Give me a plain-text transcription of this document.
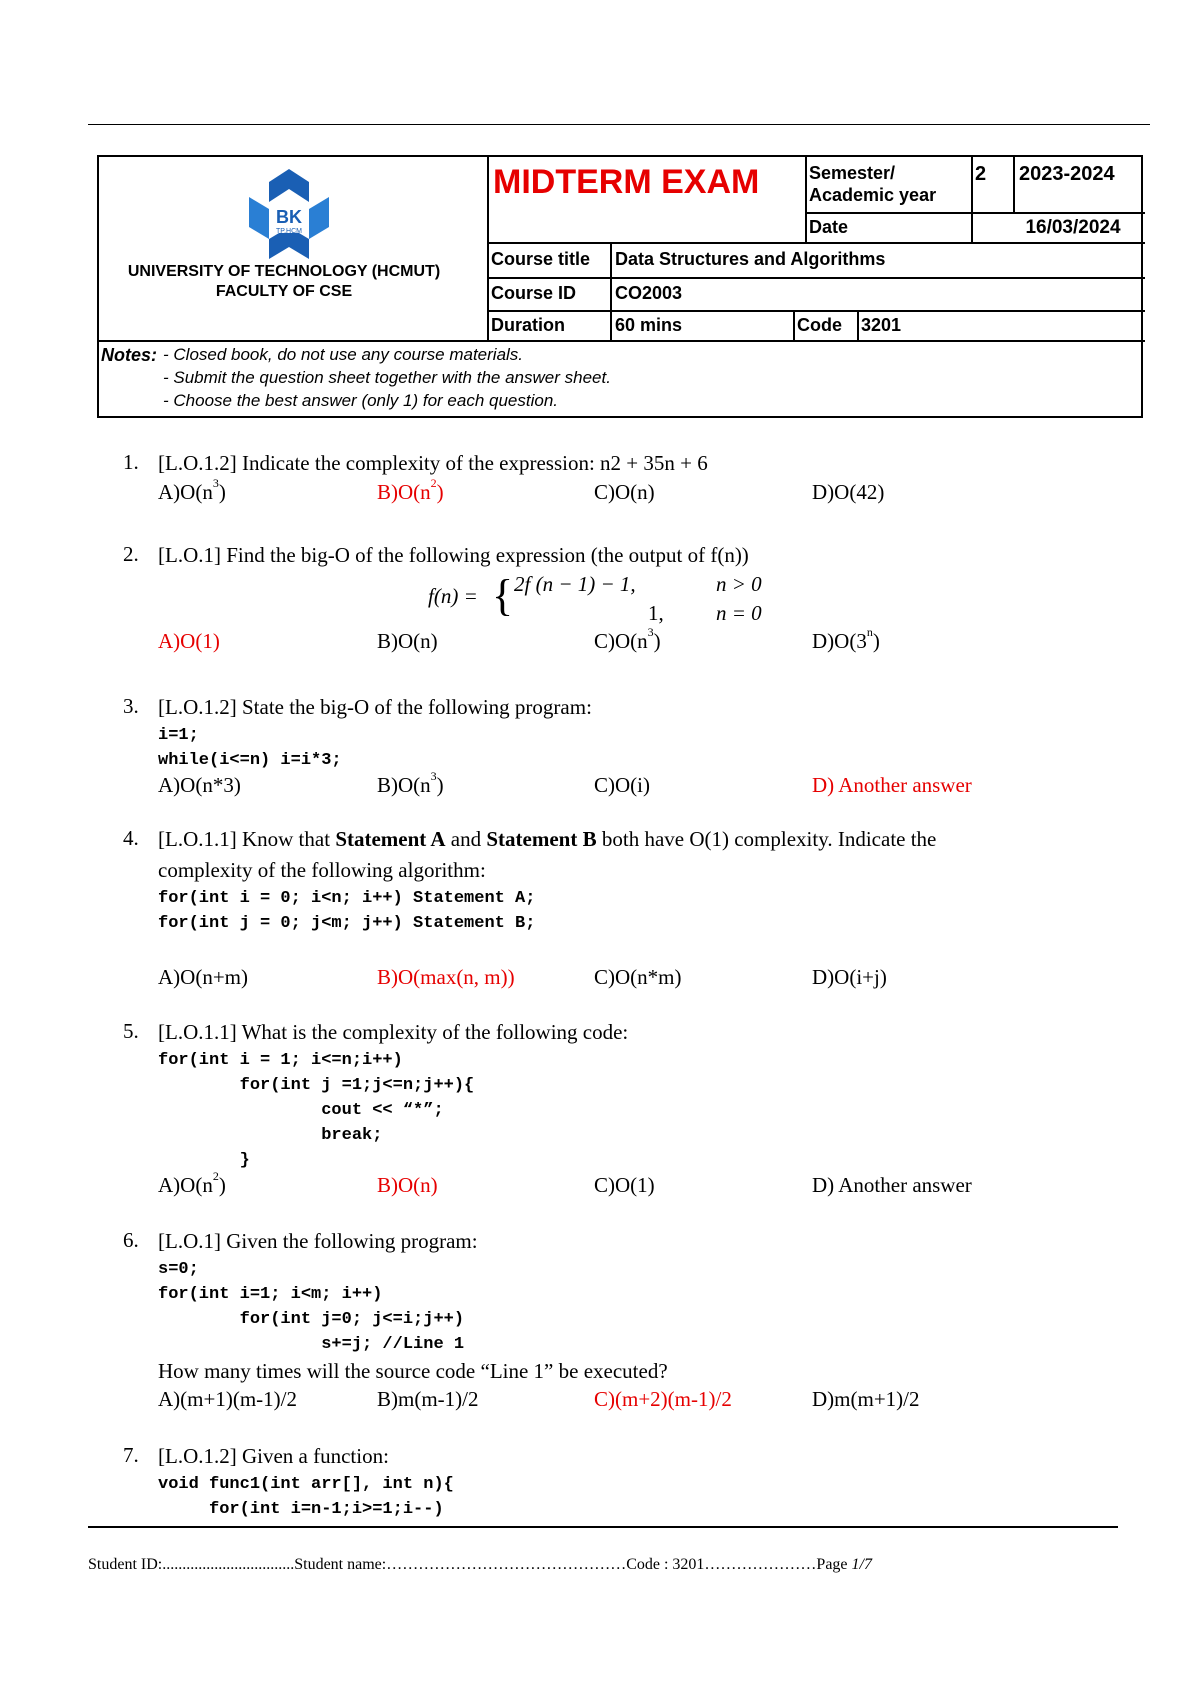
BK
TP.HCM
UNIVERSITY OF TECHNOLOGY (HCMUT)
FACULTY OF CSE
MIDTERM EXAM	Semester/
Academic year
2 2023-2024
Date	16/03/2024
Course title Data Structures and Algorithms
Course ID CO2003
Duration	60 mins	Code 3201
Notes: - Closed book, do not use any course materials.
- Submit the question sheet together with the answer sheet.
- Choose the best answer (only 1) for each question.
1. [L.O.1.2] Indicate the complexity of the expression: n2 + 35n + 6
$A)O(n^3)$	$B)O(n^2)$	C)O(n)	D)O(42)
2. [L.O.1] Find the big-O of the following expression (the output of f(n))
f(n) = { 2f (n − 1) − 1,	n > 0
1, n = 0
A)O(1)	B)O(n)	$C)O(n^3)$	D)O(3$^n$)
3. [L.O.1.2] State the big-O of the following program:
i=1;
while(i<=n) i=i*3;
A)O(n*3)	$B)O(n^3)$	C)O(i)	D) Another answer
4. [L.O.1.1] Know that Statement A and Statement B both have O(1) complexity. Indicate the
complexity of the following algorithm:
for(int i = 0; i<n; i++) Statement A;
for(int j = 0; j<m; j++) Statement B;
A)O(n+m)	B)O(max(n, m))	C)O(n*m)	D)O(i+j)
5. [L.O.1.1] What is the complexity of the following code:
for(int i = 1; i<=n;i++)
for(int j =1;j<=n;j++){
cout << “*”;
break;
}
$A)O(n^2)$	B)O(n)	C)O(1)	D) Another answer
6. [L.O.1] Given the following program:
s=0;
for(int i=1; i<m; i++)
for(int j=0; j<=i;j++)
s+=j; //Line 1
How many times will the source code “Line 1” be executed?
A)(m+1)(m-1)/2	B)m(m-1)/2	C)(m+2)(m-1)/2	D)m(m+1)/2
7. [L.O.1.2] Given a function:
void func1(int arr[], int n){
for(int i=n-1;i>=1;i--)
Student ID:.................................Student name:………………………………………Code : 3201…………………Page 1/7
